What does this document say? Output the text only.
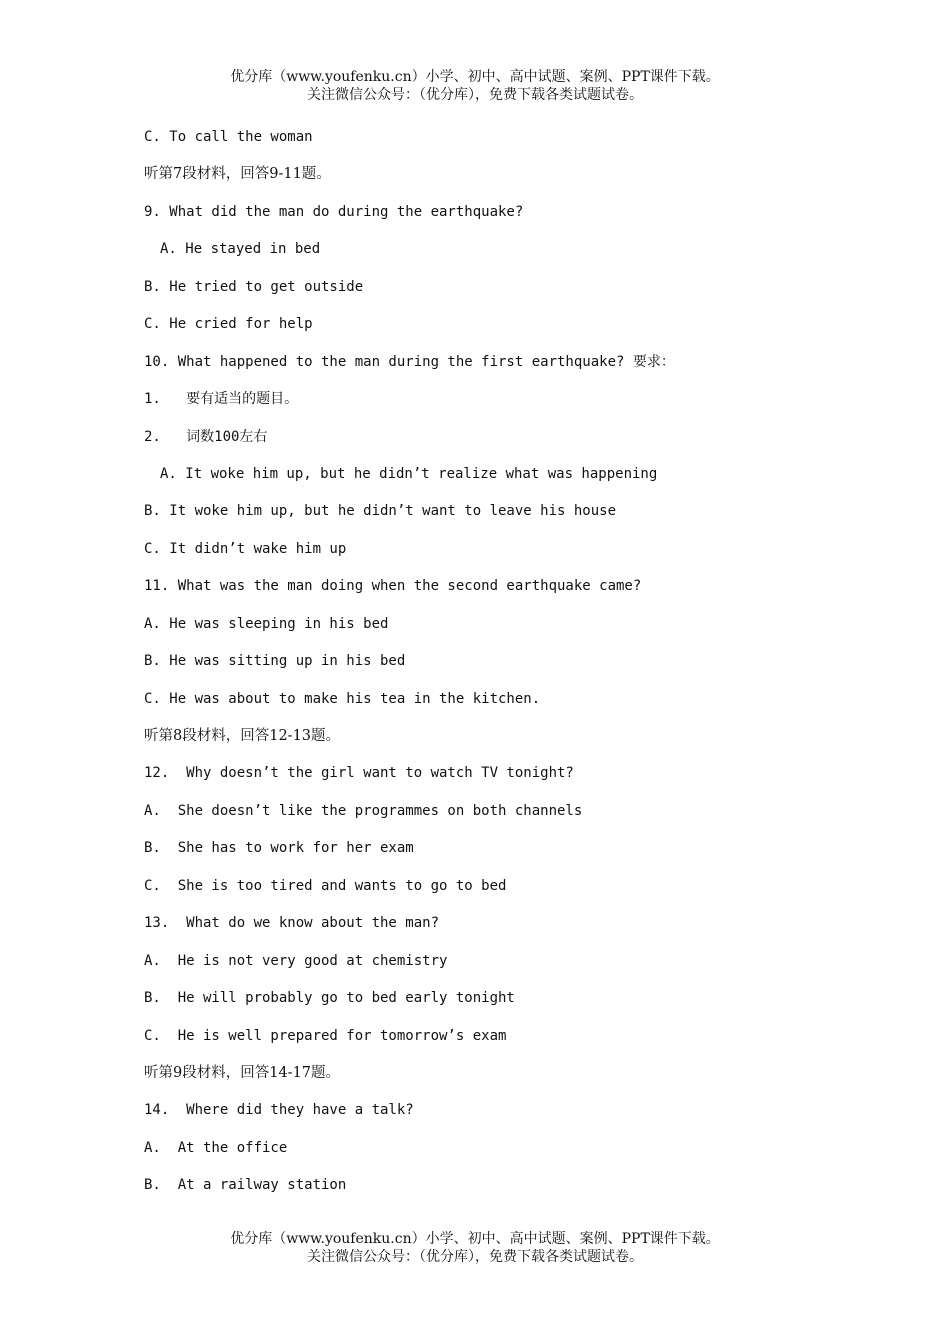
优分库（www.youfenku.cn）小学、初中、高中试题、案例、PPT课件下载。
关注微信公众号：（优分库），免费下载各类试题试卷。
C. To call the woman
听第7段材料，回答9-11题。
9. What did the man do during the earthquake?
A. He stayed in bed
B. He tried to get outside
C. He cried for help
10. What happened to the man during the first earthquake? 要求：
1.   要有适当的题目。
2.   词数100左右
A. It woke him up, but he didn’t realize what was happening
B. It woke him up, but he didn’t want to leave his house
C. It didn’t wake him up
11. What was the man doing when the second earthquake came?
A. He was sleeping in his bed
B. He was sitting up in his bed
C. He was about to make his tea in the kitchen.
听第8段材料，回答12-13题。
12.  Why doesn’t the girl want to watch TV tonight?
A.  She doesn’t like the programmes on both channels
B.  She has to work for her exam
C.  She is too tired and wants to go to bed
13.  What do we know about the man?
A.  He is not very good at chemistry
B.  He will probably go to bed early tonight
C.  He is well prepared for tomorrow’s exam
听第9段材料，回答14-17题。
14.  Where did they have a talk?
A.  At the office
B.  At a railway station
优分库（www.youfenku.cn）小学、初中、高中试题、案例、PPT课件下载。
关注微信公众号：（优分库），免费下载各类试题试卷。
